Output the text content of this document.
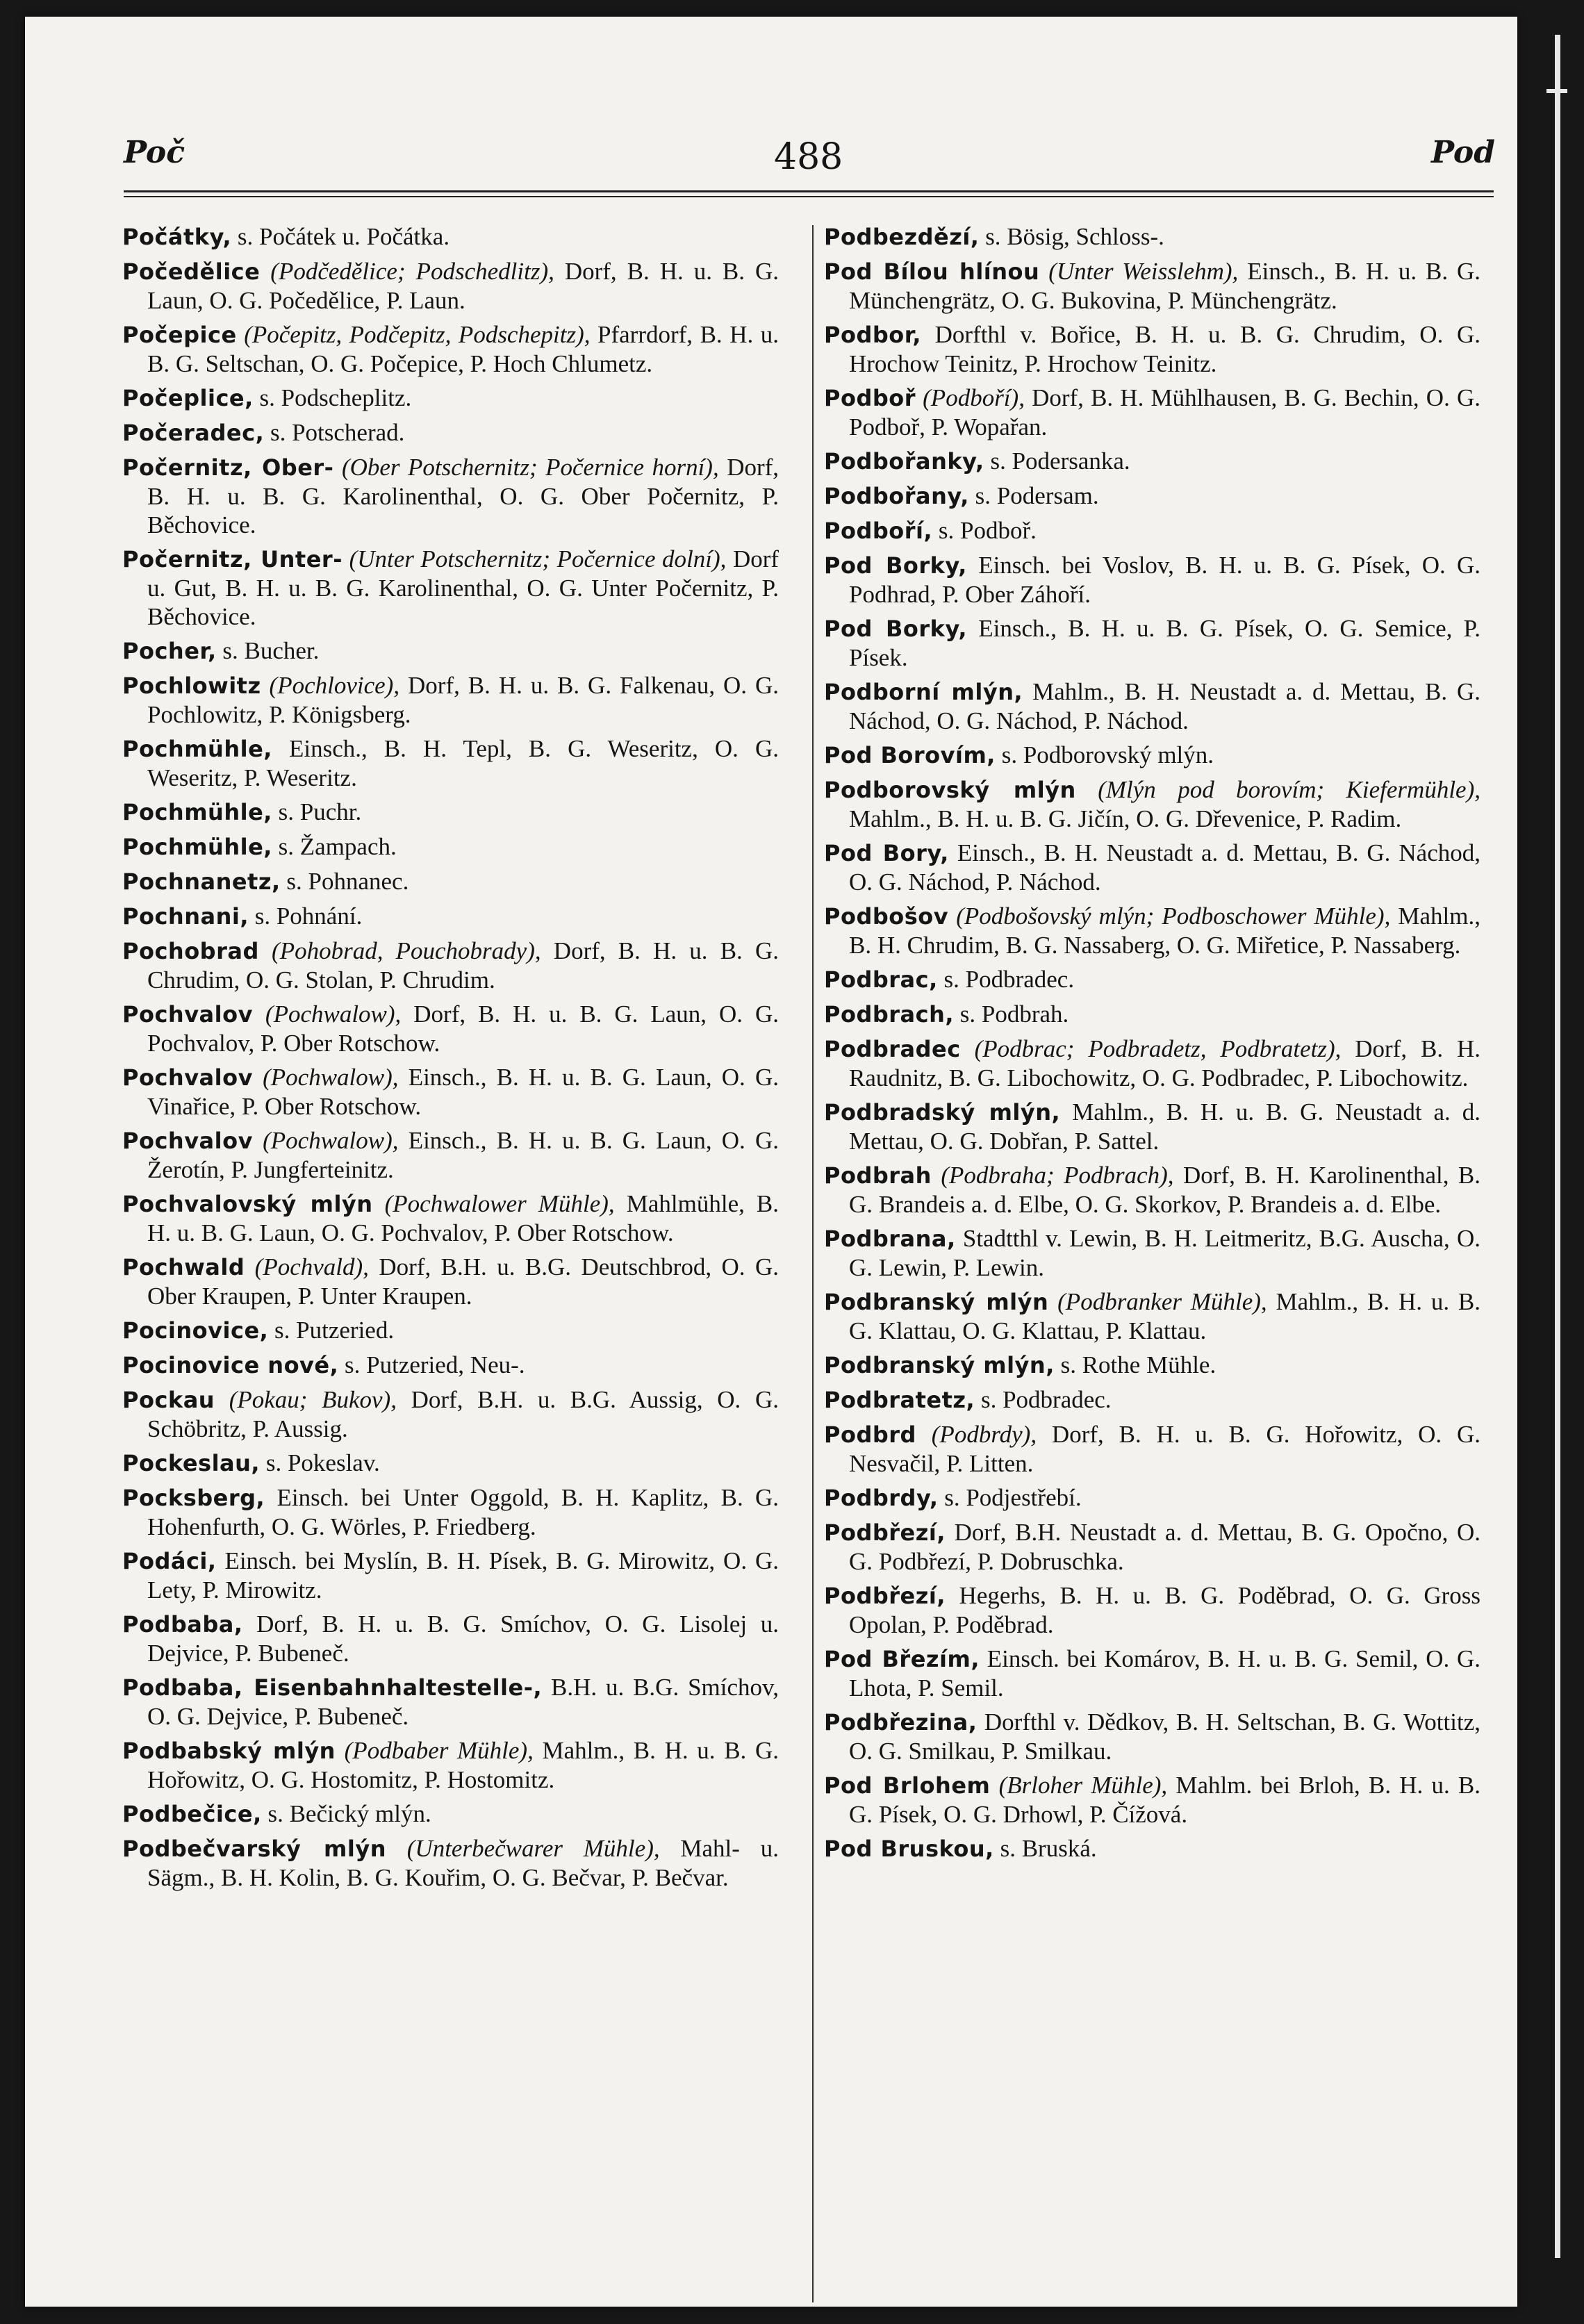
Poč	488	Pod

Počátky, s. Počátek u. Počátka.

Počedělice (Podčedělice; Podschedlitz), Dorf, B. H. u. B. G. Laun, O. G. Počedělice, P. Laun.

Počepice (Počepitz, Podčepitz, Podschepitz), Pfarrdorf, B. H. u. B. G. Seltschan, O. G. Počepice, P. Hoch Chlumetz.

Počeplice, s. Podscheplitz.

Počeradec, s. Potscherad.

Počernitz, Ober- (Ober Potschernitz; Počernice horní), Dorf, B. H. u. B. G. Karolinenthal, O. G. Ober Počernitz, P. Běchovice.

Počernitz, Unter- (Unter Potschernitz; Počernice dolní), Dorf u. Gut, B. H. u. B. G. Karolinenthal, O. G. Unter Počernitz, P. Běchovice.

Pocher, s. Bucher.

Pochlowitz (Pochlovice), Dorf, B. H. u. B. G. Falkenau, O. G. Pochlowitz, P. Königsberg.

Pochmühle, Einsch., B. H. Tepl, B. G. Weseritz, O. G. Weseritz, P. Weseritz.

Pochmühle, s. Puchr.

Pochmühle, s. Žampach.

Pochnanetz, s. Pohnanec.

Pochnani, s. Pohnání.

Pochobrad (Pohobrad, Pouchobrady), Dorf, B. H. u. B. G. Chrudim, O. G. Stolan, P. Chrudim.

Pochvalov (Pochwalow), Dorf, B. H. u. B. G. Laun, O. G. Pochvalov, P. Ober Rotschow.

Pochvalov (Pochwalow), Einsch., B. H. u. B. G. Laun, O. G. Vinařice, P. Ober Rotschow.

Pochvalov (Pochwalow), Einsch., B. H. u. B. G. Laun, O. G. Žerotín, P. Jungferteinitz.

Pochvalovský mlýn (Pochwalower Mühle), Mahlmühle, B. H. u. B. G. Laun, O. G. Pochvalov, P. Ober Rotschow.

Pochwald (Pochvald), Dorf, B.H. u. B.G. Deutschbrod, O. G. Ober Kraupen, P. Unter Kraupen.

Pocinovice, s. Putzeried.

Pocinovice nové, s. Putzeried, Neu-.

Pockau (Pokau; Bukov), Dorf, B.H. u. B.G. Aussig, O. G. Schöbritz, P. Aussig.

Pockeslau, s. Pokeslav.

Pocksberg, Einsch. bei Unter Oggold, B. H. Kaplitz, B. G. Hohenfurth, O. G. Wörles, P. Friedberg.

Podáci, Einsch. bei Myslín, B. H. Písek, B. G. Mirowitz, O. G. Lety, P. Mirowitz.

Podbaba, Dorf, B. H. u. B. G. Smíchov, O. G. Lisolej u. Dejvice, P. Bubeneč.

Podbaba, Eisenbahnhaltestelle-, B.H. u. B.G. Smíchov, O. G. Dejvice, P. Bubeneč.

Podbabský mlýn (Podbaber Mühle), Mahlm., B. H. u. B. G. Hořowitz, O. G. Hostomitz, P. Hostomitz.

Podbečice, s. Bečický mlýn.

Podbečvarský mlýn (Unterbečwarer Mühle), Mahl- u. Sägm., B. H. Kolin, B. G. Kouřim, O. G. Bečvar, P. Bečvar.

Podbezdězí, s. Bösig, Schloss-.

Pod Bílou hlínou (Unter Weisslehm), Einsch., B. H. u. B. G. Münchengrätz, O. G. Bukovina, P. Münchengrätz.

Podbor, Dorfthl v. Bořice, B. H. u. B. G. Chrudim, O. G. Hrochow Teinitz, P. Hrochow Teinitz.

Podboř (Podboří), Dorf, B. H. Mühlhausen, B. G. Bechin, O. G. Podboř, P. Wopařan.

Podbořanky, s. Podersanka.

Podbořany, s. Podersam.

Podboří, s. Podboř.

Pod Borky, Einsch. bei Voslov, B. H. u. B. G. Písek, O. G. Podhrad, P. Ober Záhoří.

Pod Borky, Einsch., B. H. u. B. G. Písek, O. G. Semice, P. Písek.

Podborní mlýn, Mahlm., B. H. Neustadt a. d. Mettau, B. G. Náchod, O. G. Náchod, P. Náchod.

Pod Borovím, s. Podborovský mlýn.

Podborovský mlýn (Mlýn pod borovím; Kiefermühle), Mahlm., B. H. u. B. G. Jičín, O. G. Dřevenice, P. Radim.

Pod Bory, Einsch., B. H. Neustadt a. d. Mettau, B. G. Náchod, O. G. Náchod, P. Náchod.

Podbošov (Podbošovský mlýn; Podboschower Mühle), Mahlm., B. H. Chrudim, B. G. Nassaberg, O. G. Miřetice, P. Nassaberg.

Podbrac, s. Podbradec.

Podbrach, s. Podbrah.

Podbradec (Podbrac; Podbradetz, Podbratetz), Dorf, B. H. Raudnitz, B. G. Libochowitz, O. G. Podbradec, P. Libochowitz.

Podbradský mlýn, Mahlm., B. H. u. B. G. Neustadt a. d. Mettau, O. G. Dobřan, P. Sattel.

Podbrah (Podbraha; Podbrach), Dorf, B. H. Karolinenthal, B. G. Brandeis a. d. Elbe, O. G. Skorkov, P. Brandeis a. d. Elbe.

Podbrana, Stadtthl v. Lewin, B. H. Leitmeritz, B.G. Auscha, O. G. Lewin, P. Lewin.

Podbranský mlýn (Podbranker Mühle), Mahlm., B. H. u. B. G. Klattau, O. G. Klattau, P. Klattau.

Podbranský mlýn, s. Rothe Mühle.

Podbratetz, s. Podbradec.

Podbrd (Podbrdy), Dorf, B. H. u. B. G. Hořowitz, O. G. Nesvačil, P. Litten.

Podbrdy, s. Podjestřebí.

Podbřezí, Dorf, B.H. Neustadt a. d. Mettau, B. G. Opočno, O. G. Podbřezí, P. Dobruschka.

Podbřezí, Hegerhs, B. H. u. B. G. Poděbrad, O. G. Gross Opolan, P. Poděbrad.

Pod Březím, Einsch. bei Komárov, B. H. u. B. G. Semil, O. G. Lhota, P. Semil.

Podbřezina, Dorfthl v. Dědkov, B. H. Seltschan, B. G. Wottitz, O. G. Smilkau, P. Smilkau.

Pod Brlohem (Brloher Mühle), Mahlm. bei Brloh, B. H. u. B. G. Písek, O. G. Drhowl, P. Čížová.

Pod Bruskou, s. Bruská.
